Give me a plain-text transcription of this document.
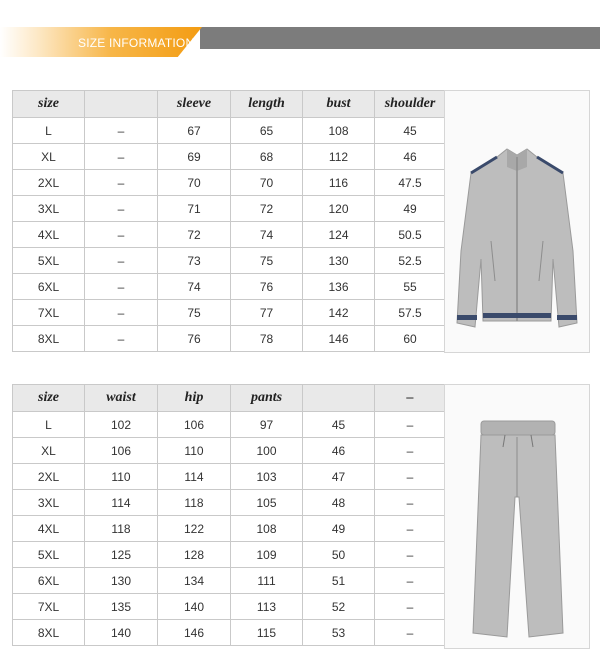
SIZE INFORMATION
size		sleeve	length	bust	shoulder
L	–	67	65	108	45
XL	–	69	68	112	46
2XL	–	70	70	116	47.5
3XL	–	71	72	120	49
4XL	–	72	74	124	50.5
5XL	–	73	75	130	52.5
6XL	–	74	76	136	55
7XL	–	75	77	142	57.5
8XL	–	76	78	146	60
size	waist	hip	pants		–
L	102	106	97	45	–
XL	106	110	100	46	–
2XL	110	114	103	47	–
3XL	114	118	105	48	–
4XL	118	122	108	49	–
5XL	125	128	109	50	–
6XL	130	134	111	51	–
7XL	135	140	113	52	–
8XL	140	146	115	53	–
